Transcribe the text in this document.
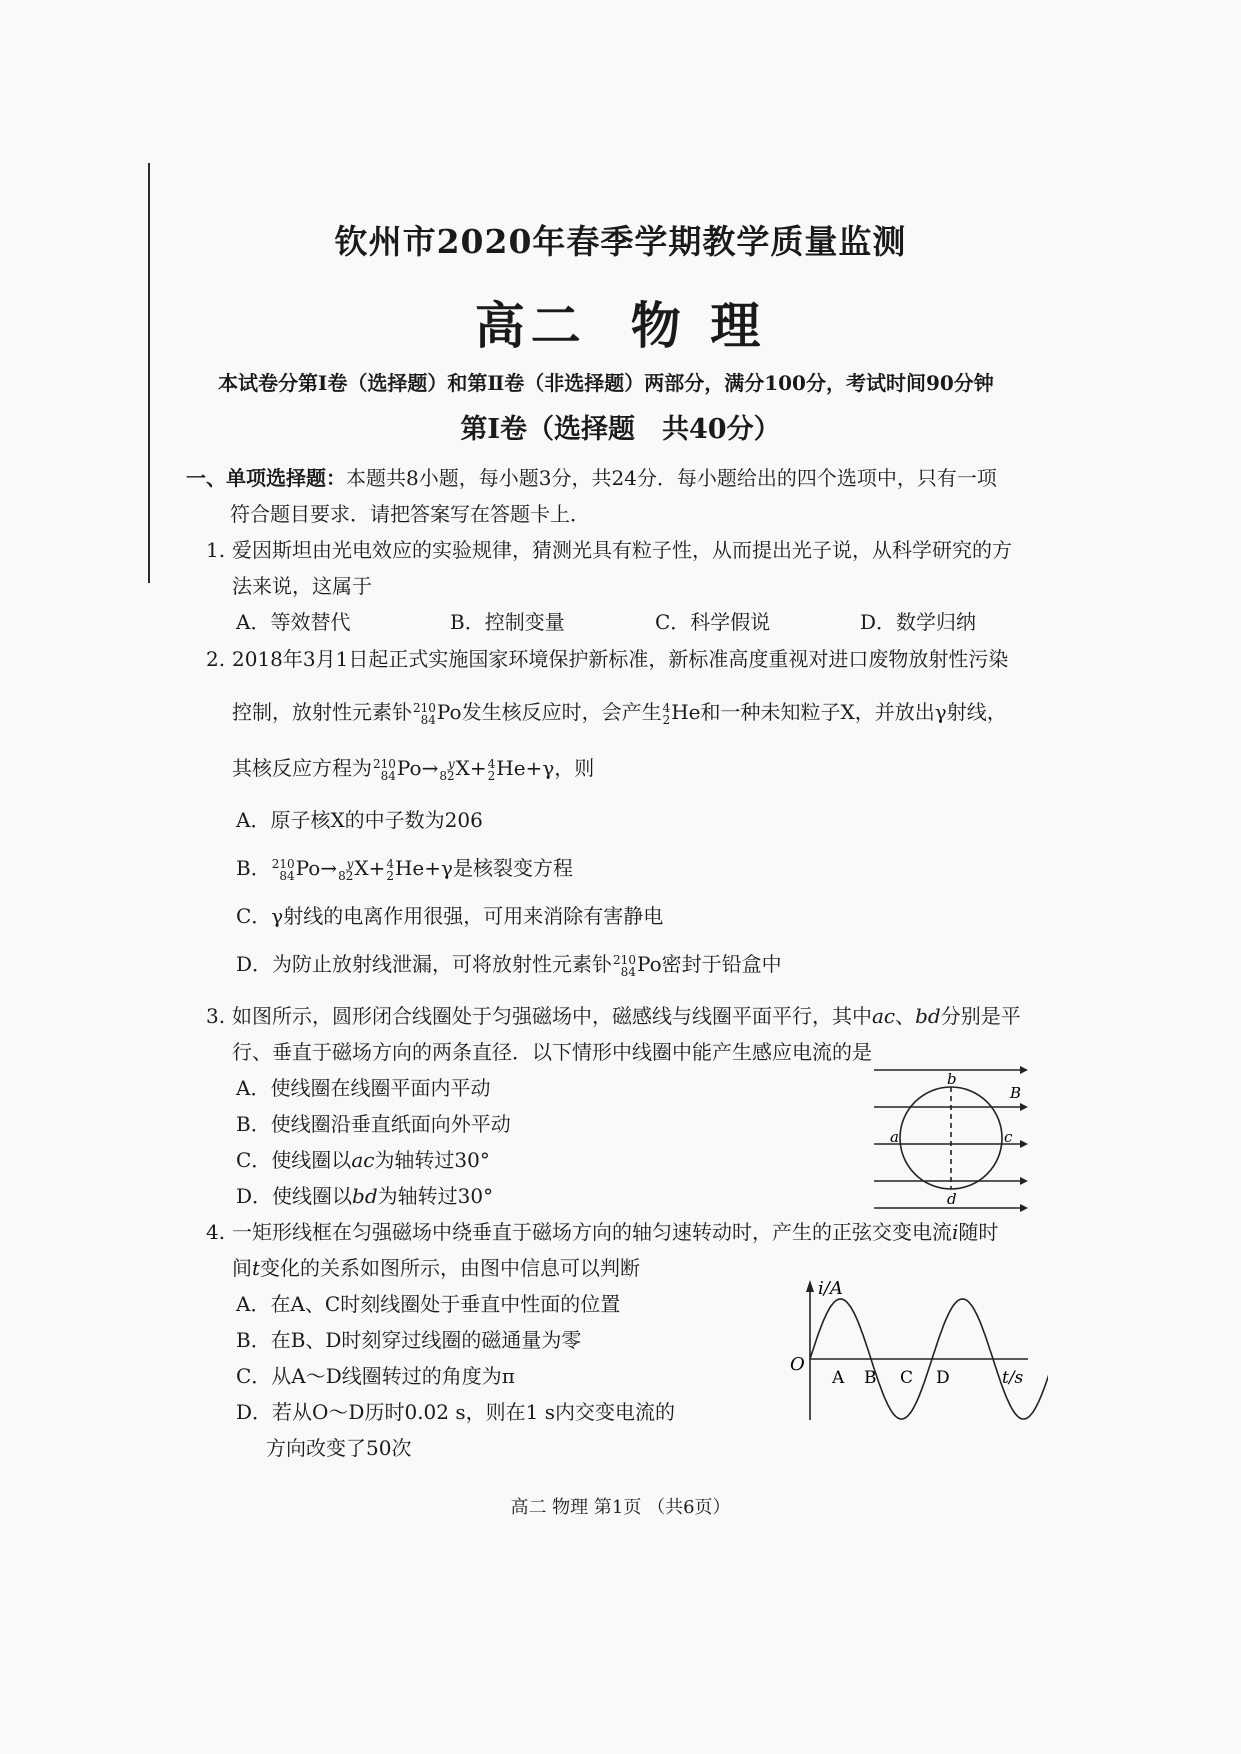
钦州市2020年春季学期教学质量监测
高二 物 理
本试卷分第Ⅰ卷（选择题）和第Ⅱ卷（非选择题）两部分，满分100分，考试时间90分钟
第Ⅰ卷（选择题　共40分）
一、单项选择题：本题共8小题，每小题3分，共24分．每小题给出的四个选项中，只有一项
符合题目要求．请把答案写在答题卡上．
1. 爱因斯坦由光电效应的实验规律，猜测光具有粒子性，从而提出光子说，从科学研究的方
法来说，这属于
A．等效替代	B．控制变量	C．科学假说	D．数学归纳
2. 2018年3月1日起正式实施国家环境保护新标准，新标准高度重视对进口废物放射性污染
控制，放射性元素钋 210
84 Po发生核反应时，会产生 4
2 He和一种未知粒子X，并放出γ射线，
其核反应方程为 210
84 Po→ y
82 X+ 4
2 He+γ，则
A．原子核X的中子数为206
B． 210
84 Po→ y
82 X+ 4
2 He+γ是核裂变方程
C．γ射线的电离作用很强，可用来消除有害静电
D．为防止放射线泄漏，可将放射性元素钋 210
84 Po密封于铅盒中
3. 如图所示，圆形闭合线圈处于匀强磁场中，磁感线与线圈平面平行，其中ac、bd分别是平
行、垂直于磁场方向的两条直径．以下情形中线圈中能产生感应电流的是
A．使线圈在线圈平面内平动
B．使线圈沿垂直纸面向外平动
C．使线圈以ac为轴转过30°
D．使线圈以bd为轴转过30°
b
B
a	c
d
4. 一矩形线框在匀强磁场中绕垂直于磁场方向的轴匀速转动时，产生的正弦交变电流i随时
间t变化的关系如图所示，由图中信息可以判断
A．在A、C时刻线圈处于垂直中性面的位置
B．在B、D时刻穿过线圈的磁通量为零
C．从A～D线圈转过的角度为π
D．若从O～D历时0.02 s，则在1 s内交变电流的
方向改变了50次
i/A
O
A B C D	t/s
高二 物理 第1页 （共6页）
